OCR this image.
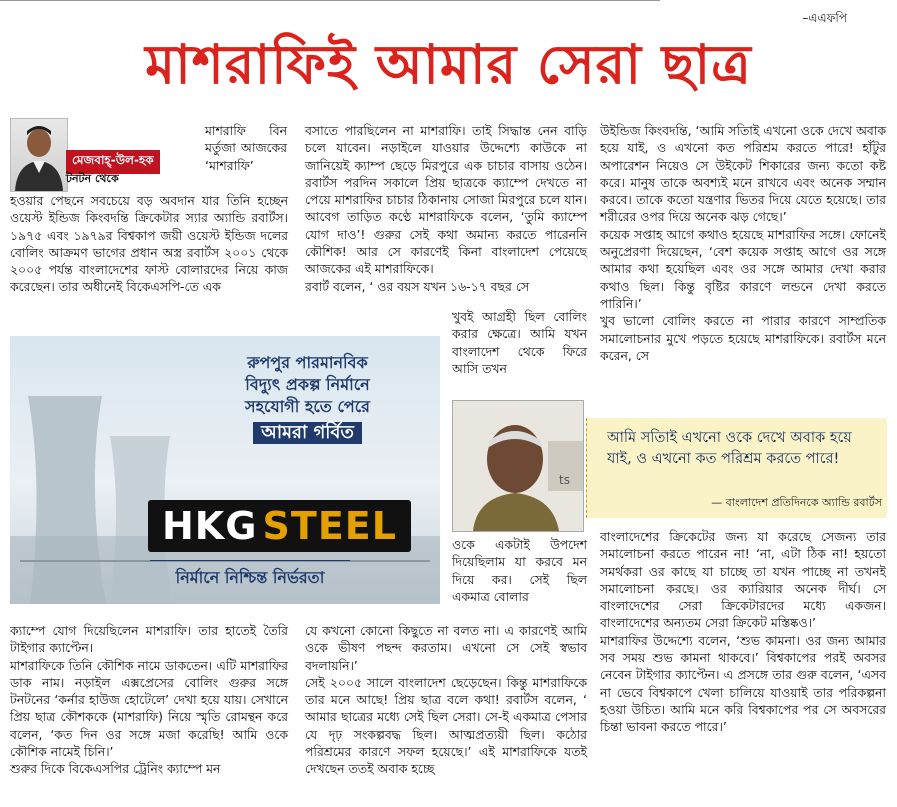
–এএফপি
মাশরাফিই আমার সেরা ছাত্র
মেজবাহ্-উল-হক
টনটন থেকে

মাশরাফি বিন মর্তুজা আজকের ‘মাশরাফি’

হওয়ার পেছনে সবচেয়ে বড় অবদান যার তিনি হচ্ছেন ওয়েস্ট ইন্ডিজ কিংবদন্তি ক্রিকেটার স্যার অ্যান্ডি রবার্টস। ১৯৭৫ এবং ১৯৭৯র বিশ্বকাপ জয়ী ওয়েস্ট ইন্ডিজ দলের বোলিং আক্রমণ ভাগের প্রধান অস্ত্র রবার্টস ২০০১ থেকে ২০০৫ পর্যন্ত বাংলাদেশের ফাস্ট বোলারদের নিয়ে কাজ করেছেন। তার অধীনেই বিকেএসপি-তে এক

ক্যাম্পে যোগ দিয়েছিলেন মাশরাফি। তার হাতেই তৈরি টাইগার ক্যাপ্টেন।

মাশরাফিকে তিনি কৌশিক নামে ডাকতেন। এটি মাশরাফির ডাক নাম। নড়াইল এক্সপ্রেসের বোলিং গুরুর সঙ্গে টনটনের ‘কর্নার হাউজ হোটেলে’ দেখা হয়ে যায়। সেখানে প্রিয় ছাত্র কৌশককে (মাশরাফি) নিয়ে স্মৃতি রোমন্থন করে বলেন, ‘কত দিন ওর সঙ্গে মজা করেছি! আমি ওকে কৌশিক নামেই চিনি।’

শুরুর দিকে বিকেএসপির ট্রেনিং ক্যাম্পে মন

বসাতে পারছিলেন না মাশরাফি। তাই সিদ্ধান্ত নেন বাড়ি চলে যাবেন। নড়াইলে যাওয়ার উদ্দেশ্যে কাউকে না জানিয়েই ক্যাম্প ছেড়ে মিরপুরে এক চাচার বাসায় ওঠেন। রবার্টস পরদিন সকালে প্রিয় ছাত্রকে ক্যাম্পে দেখতে না পেয়ে মাশরাফির চাচার ঠিকানায় সোজা মিরপুরে চলে যান। আবেগ তাড়িত কণ্ঠে মাশরাফিকে বলেন, ‘তুমি ক্যাম্পে যোগ দাও’! গুরুর সেই কথা অমান্য করতে পারেননি কৌশিক! আর সে কারণেই কিনা বাংলাদেশ পেয়েছে আজকের এই মাশরাফিকে।

রবার্ট বলেন, ‘ ওর বয়স যখন ১৬-১৭ বছর সে

খুবই আগ্রহী ছিল বোলিং করার ক্ষেত্রে। আমি যখন বাংলাদেশ থেকে ফিরে আসি তখন

ওকে একটাই উপদেশ দিয়েছিলাম যা করবে মন দিয়ে কর। সেই ছিল একমাত্র বোলার

যে কখনো কোনো কিছুতে না বলত না। এ কারণেই আমি ওকে ভীষণ পছন্দ করতাম। এখনো সে সেই স্বভাব বদলায়নি।’

সেই ২০০৫ সালে বাংলাদেশ ছেড়েছেন। কিন্তু মাশরাফিকে তার মনে আছে! প্রিয় ছাত্র বলে কথা! রবার্টস বলেন, ‘ আমার ছাত্রের মধ্যে সেই ছিল সেরা। সে-ই একমাত্র পেসার যে দৃঢ় সংকল্পবদ্ধ ছিল। আত্মপ্রত্যয়ী ছিল। কঠোর পরিশ্রমের কারণে সফল হয়েছে।’ এই মাশরাফিকে যতই দেখছেন ততই অবাক হচ্ছে

উইন্ডিজ কিংবদন্তি, ‘আমি সতিাই এখনো ওকে দেখে অবাক হয়ে যাই, ও এখনো কত পরিশ্রম করতে পারে! হাঁটুর অপারেশন নিয়েও সে উইকেট শিকারের জন্য কতো কষ্ট করে। মানুষ তাকে অবশ্যই মনে রাখবে এবং অনেক সম্মান করবে। তাকে কতো যন্ত্রণার ভিতর দিয়ে যেতে হয়েছে। তার শরীরের ওপর দিয়ে অনেক ঝড় গেছে।’

কয়েক সপ্তাহ আগে কথাও হয়েছে মাশরাফির সঙ্গে। ফোনেই অনুপ্রেরণা দিয়েছেন, ‘বেশ কয়েক সপ্তাহ আগে ওর সঙ্গে আমার কথা হয়েছিল এবং ওর সঙ্গে আমার দেখা করার কথাও ছিল। কিন্তু বৃষ্টির কারণে লন্ডনে দেখা করতে পারিনি।’

খুব ভালো বোলিং করতে না পারার কারণে সাম্প্রতিক সমালোচনার মুখে পড়তে হয়েছে মাশরাফিকে। রবার্টস মনে করেন, সে

বাংলাদেশের ক্রিকেটের জন্য যা করেছে সেজন্য তার সমালোচনা করতে পারেন না! ‘না, এটা ঠিক না! হয়তো সমর্থকরা ওর কাছে যা চাচ্ছে তা যখন পাচ্ছে না তখনই সমালোচনা করছে। ওর ক্যারিয়ার অনেক দীর্ঘ। সে বাংলাদেশের সেরা ক্রিকেটারদের মধ্যে একজন। বাংলাদেশের অন্যতম সেরা ক্রিকেট মস্তিষ্কও।’

মাশরাফির উদ্দেশ্যে বলেন, ‘শুভ কামনা। ওর জন্য আমার সব সময় শুভ কামনা থাকবে।’ বিশ্বকাপের পরই অবসর নেবেন টাইগার ক্যাপ্টেন। এ প্রসঙ্গে তার গুরু বলেন, ‘এসব না ভেবে বিশ্বকাপে খেলা চালিয়ে যাওয়াই তার পরিকল্পনা হওয়া উচিত। আমি মনে করি বিশ্বকাপের পর সে অবসরের চিন্তা ভাবনা করতে পারে।’

আমি সতিাই এখনো ওকে দেখে অবাক হয়ে যাই, ও এখনো কত পরিশ্রম করতে পারে!
— বাংলাদেশ প্রতিদিনকে অ্যান্ডি রবার্টস
ts
রুপপুর পারমানবিক
বিদ্যুৎ প্রকল্প নির্মানে
সহযোগী হতে পেরে
আমরা গর্বিত
HKG STEEL
নির্মানে নিশ্চিন্ত নির্ভরতা
